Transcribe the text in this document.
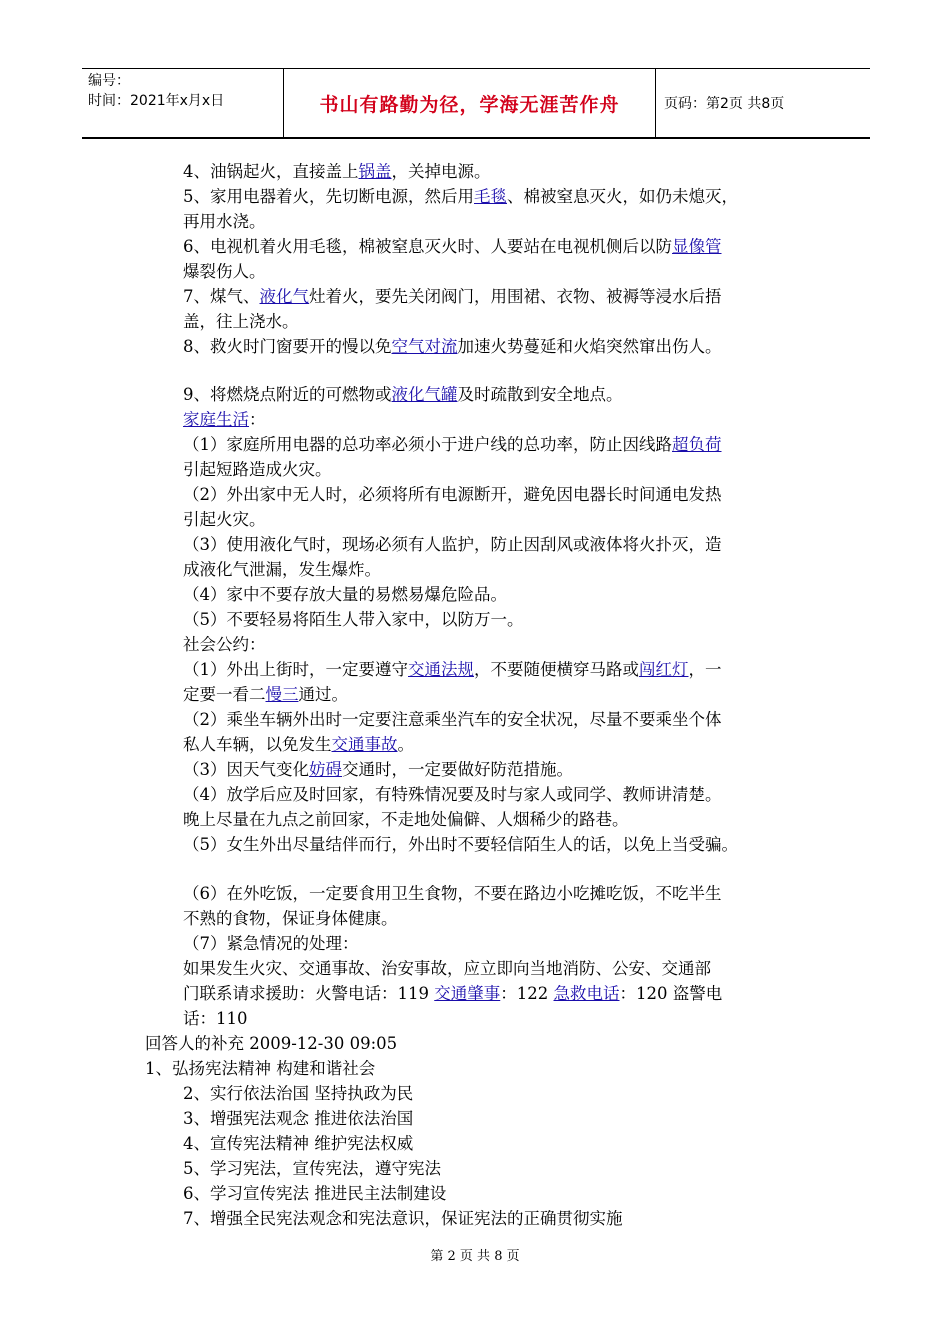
编号：
时间：2021年x月x日	书山有路勤为径，学海无涯苦作舟	页码：第2页 共8页
4、油锅起火，直接盖上锅盖，关掉电源。
5、家用电器着火，先切断电源，然后用毛毯、棉被窒息灭火，如仍未熄灭，
再用水浇。
6、电视机着火用毛毯，棉被窒息灭火时、人要站在电视机侧后以防显像管
爆裂伤人。
7、煤气、液化气灶着火，要先关闭阀门，用围裙、衣物、被褥等浸水后捂
盖，往上浇水。
8、救火时门窗要开的慢以免空气对流加速火势蔓延和火焰突然窜出伤人。
9、将燃烧点附近的可燃物或液化气罐及时疏散到安全地点。
家庭生活：
（1）家庭所用电器的总功率必须小于进户线的总功率，防止因线路超负荷
引起短路造成火灾。
（2）外出家中无人时，必须将所有电源断开，避免因电器长时间通电发热
引起火灾。
（3）使用液化气时，现场必须有人监护，防止因刮风或液体将火扑灭，造
成液化气泄漏，发生爆炸。
（4）家中不要存放大量的易燃易爆危险品。
（5）不要轻易将陌生人带入家中，以防万一。
社会公约：
（1）外出上街时，一定要遵守交通法规，不要随便横穿马路或闯红灯，一
定要一看二慢三通过。
（2）乘坐车辆外出时一定要注意乘坐汽车的安全状况，尽量不要乘坐个体
私人车辆，以免发生交通事故。
（3）因天气变化妨碍交通时，一定要做好防范措施。
（4）放学后应及时回家，有特殊情况要及时与家人或同学、教师讲清楚。
晚上尽量在九点之前回家，不走地处偏僻、人烟稀少的路巷。
（5）女生外出尽量结伴而行，外出时不要轻信陌生人的话，以免上当受骗。
（6）在外吃饭，一定要食用卫生食物，不要在路边小吃摊吃饭，不吃半生
不熟的食物，保证身体健康。
（7）紧急情况的处理：
如果发生火灾、交通事故、治安事故，应立即向当地消防、公安、交通部
门联系请求援助：火警电话：119 交通肇事：122 急救电话：120 盗警电
话：110
回答人的补充 2009-12-30 09:05
1、弘扬宪法精神 构建和谐社会
2、实行依法治国 坚持执政为民
3、增强宪法观念 推进依法治国
4、宣传宪法精神 维护宪法权威
5、学习宪法，宣传宪法，遵守宪法
6、学习宣传宪法 推进民主法制建设
7、增强全民宪法观念和宪法意识，保证宪法的正确贯彻实施
第 2 页 共 8 页
